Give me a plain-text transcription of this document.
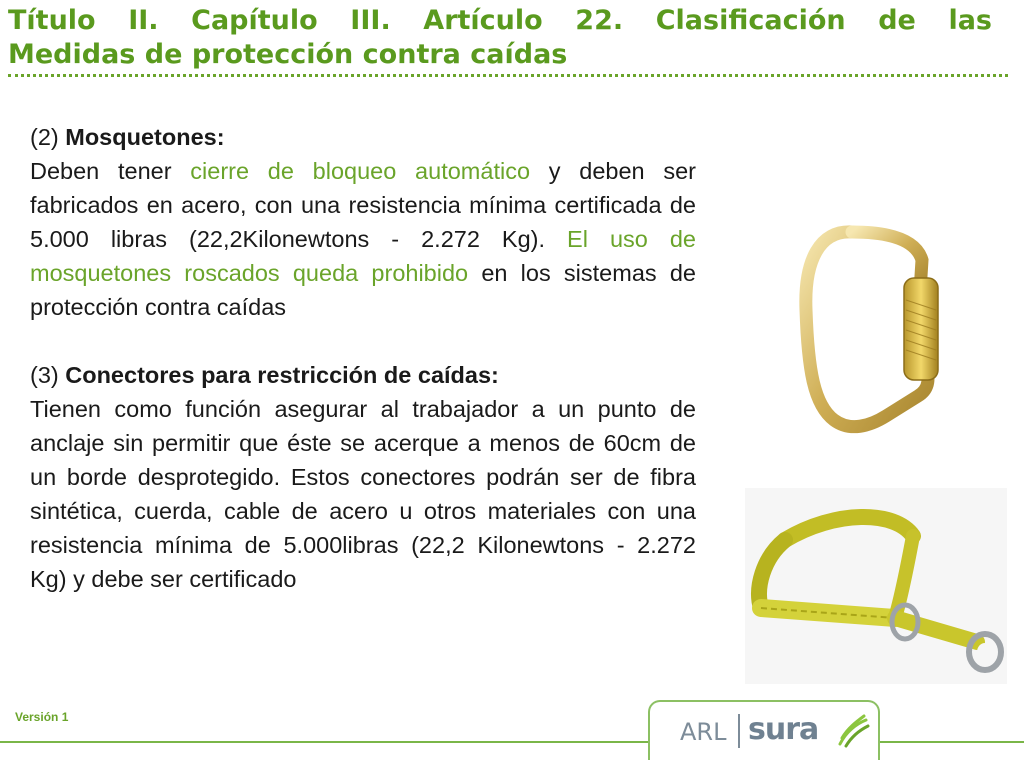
Título II. Capítulo III. Artículo 22. Clasificación de las

Medidas de protección contra caídas

(2) Mosquetones:

Deben tener cierre de bloqueo automático y deben ser fabricados en acero, con una resistencia mínima certificada de 5.000 libras (22,2Kilonewtons - 2.272 Kg). El uso de mosquetones roscados queda prohibido en los sistemas de protección contra caídas

(3) Conectores para restricción de caídas:

Tienen como función asegurar al trabajador a un punto de anclaje sin permitir que éste se acerque a menos de 60cm de un borde desprotegido. Estos conectores podrán ser de fibra sintética, cuerda, cable de acero u otros materiales con una resistencia mínima de 5.000libras (22,2 Kilonewtons - 2.272 Kg) y debe ser certificado

Versión 1
ARL sura
